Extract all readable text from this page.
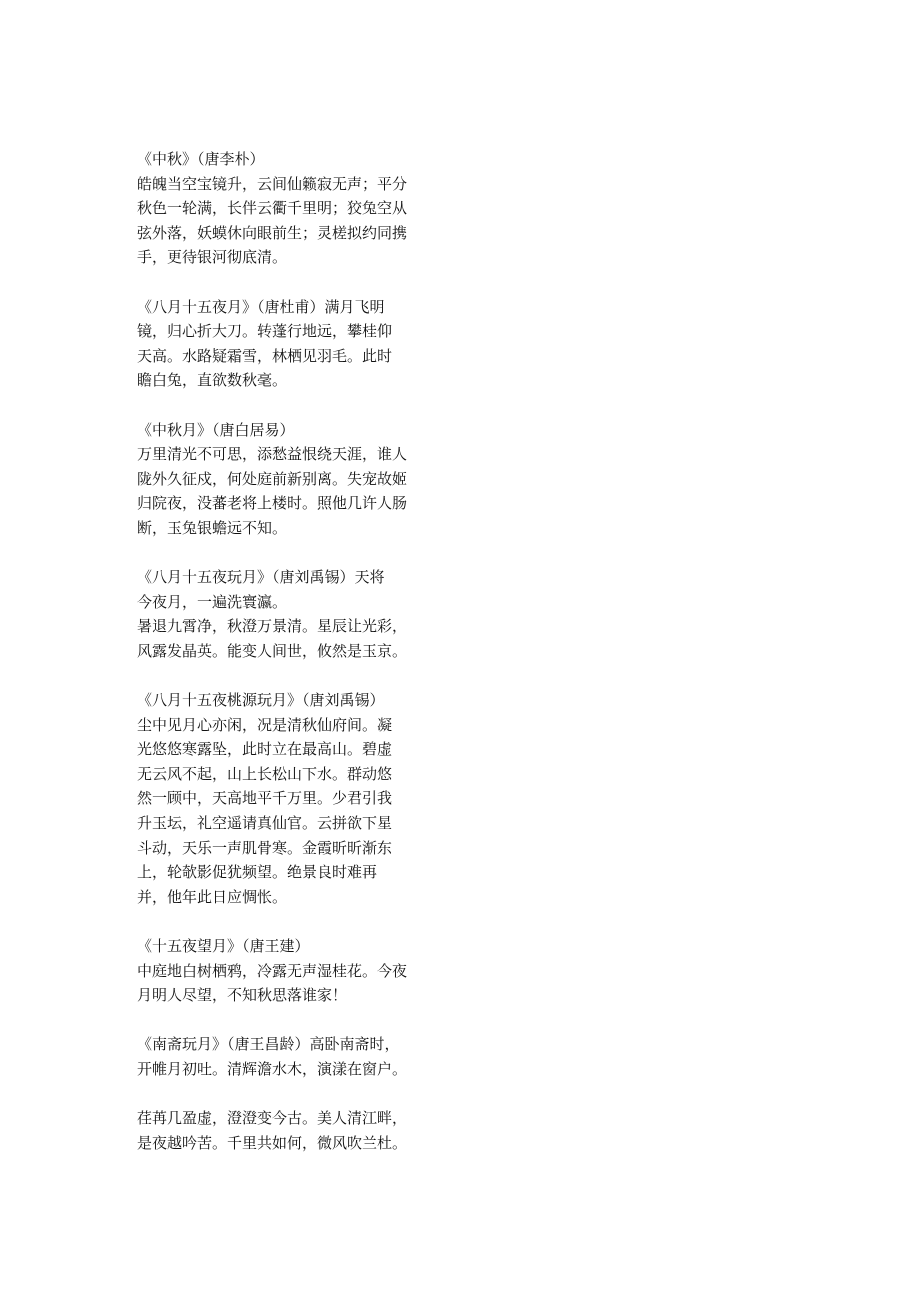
《中秋》（唐李朴）
皓魄当空宝镜升，云间仙籁寂无声；平分
秋色一轮满，长伴云衢千里明；狡兔空从
弦外落，妖蟆休向眼前生；灵槎拟约同携
手，更待银河彻底清。
《八月十五夜月》（唐杜甫）满月飞明
镜，归心折大刀。转蓬行地远，攀桂仰
天高。水路疑霜雪，林栖见羽毛。此时
瞻白兔，直欲数秋毫。
《中秋月》（唐白居易）
万里清光不可思，添愁益恨绕天涯，谁人
陇外久征戍，何处庭前新别离。失宠故姬
归院夜，没蕃老将上楼时。照他几许人肠
断，玉兔银蟾远不知。
《八月十五夜玩月》（唐刘禹锡）天将
今夜月，一遍洗寰瀛。
暑退九霄净，秋澄万景清。星辰让光彩，
风露发晶英。能变人间世，攸然是玉京。
《八月十五夜桃源玩月》（唐刘禹锡）
尘中见月心亦闲，况是清秋仙府间。凝
光悠悠寒露坠，此时立在最高山。碧虚
无云风不起，山上长松山下水。群动悠
然一顾中，天高地平千万里。少君引我
升玉坛，礼空遥请真仙官。云拼欲下星
斗动，天乐一声肌骨寒。金霞昕昕渐东
上，轮欹影促犹频望。绝景良时难再
并，他年此日应惆怅。
《十五夜望月》（唐王建）
中庭地白树栖鸦，冷露无声湿桂花。今夜
月明人尽望，不知秋思落谁家！
《南斋玩月》（唐王昌龄）高卧南斋时，
开帷月初吐。清辉澹水木，演漾在窗户。
荏苒几盈虚，澄澄变今古。美人清江畔，
是夜越吟苦。千里共如何，微风吹兰杜。
